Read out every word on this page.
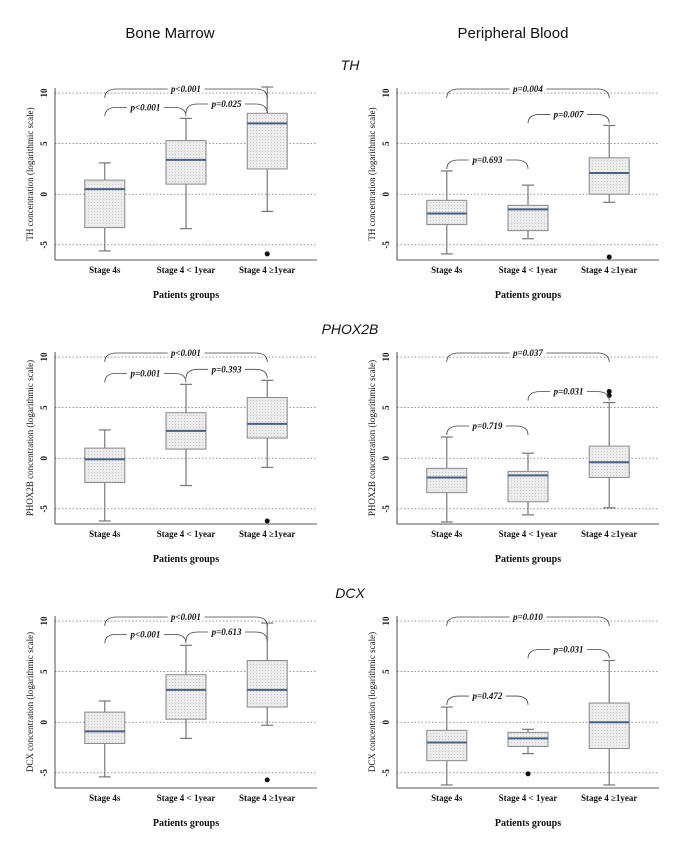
Bone Marrow	Peripheral Blood
TH
PHOX2B
DCX
10
5
0
-5
Stage 4s	Stage 4 < 1year	Stage 4 ≥1year
p<0.001	p=0.025
p<0.001
Patients groups
TH concentration (logarithmic scale)
10
5
0
-5
Stage 4s	Stage 4 < 1year	Stage 4 ≥1year
p=0.693
p=0.007
p=0.004
Patients groups
TH concentration (logarithmic scale)
10
5
0
-5
Stage 4s	Stage 4 < 1year	Stage 4 ≥1year
p=0.001	p=0.393
p<0.001
Patients groups
PHOX2B concentration (logarithmic scale)
10
5
0
-5
Stage 4s	Stage 4 < 1year	Stage 4 ≥1year
p=0.719
p=0.031
p=0.037
Patients groups
PHOX2B concentration (logarithmic scale)
10
5
0
-5
Stage 4s	Stage 4 < 1year	Stage 4 ≥1year
p<0.001	p=0.613
p<0.001
Patients groups
DCX concentration (logarithmic scale)
10
5
0
-5
Stage 4s	Stage 4 < 1year	Stage 4 ≥1year
p=0.472
p=0.031
p=0.010
Patients groups
DCX concentration (logarithmic scale)
